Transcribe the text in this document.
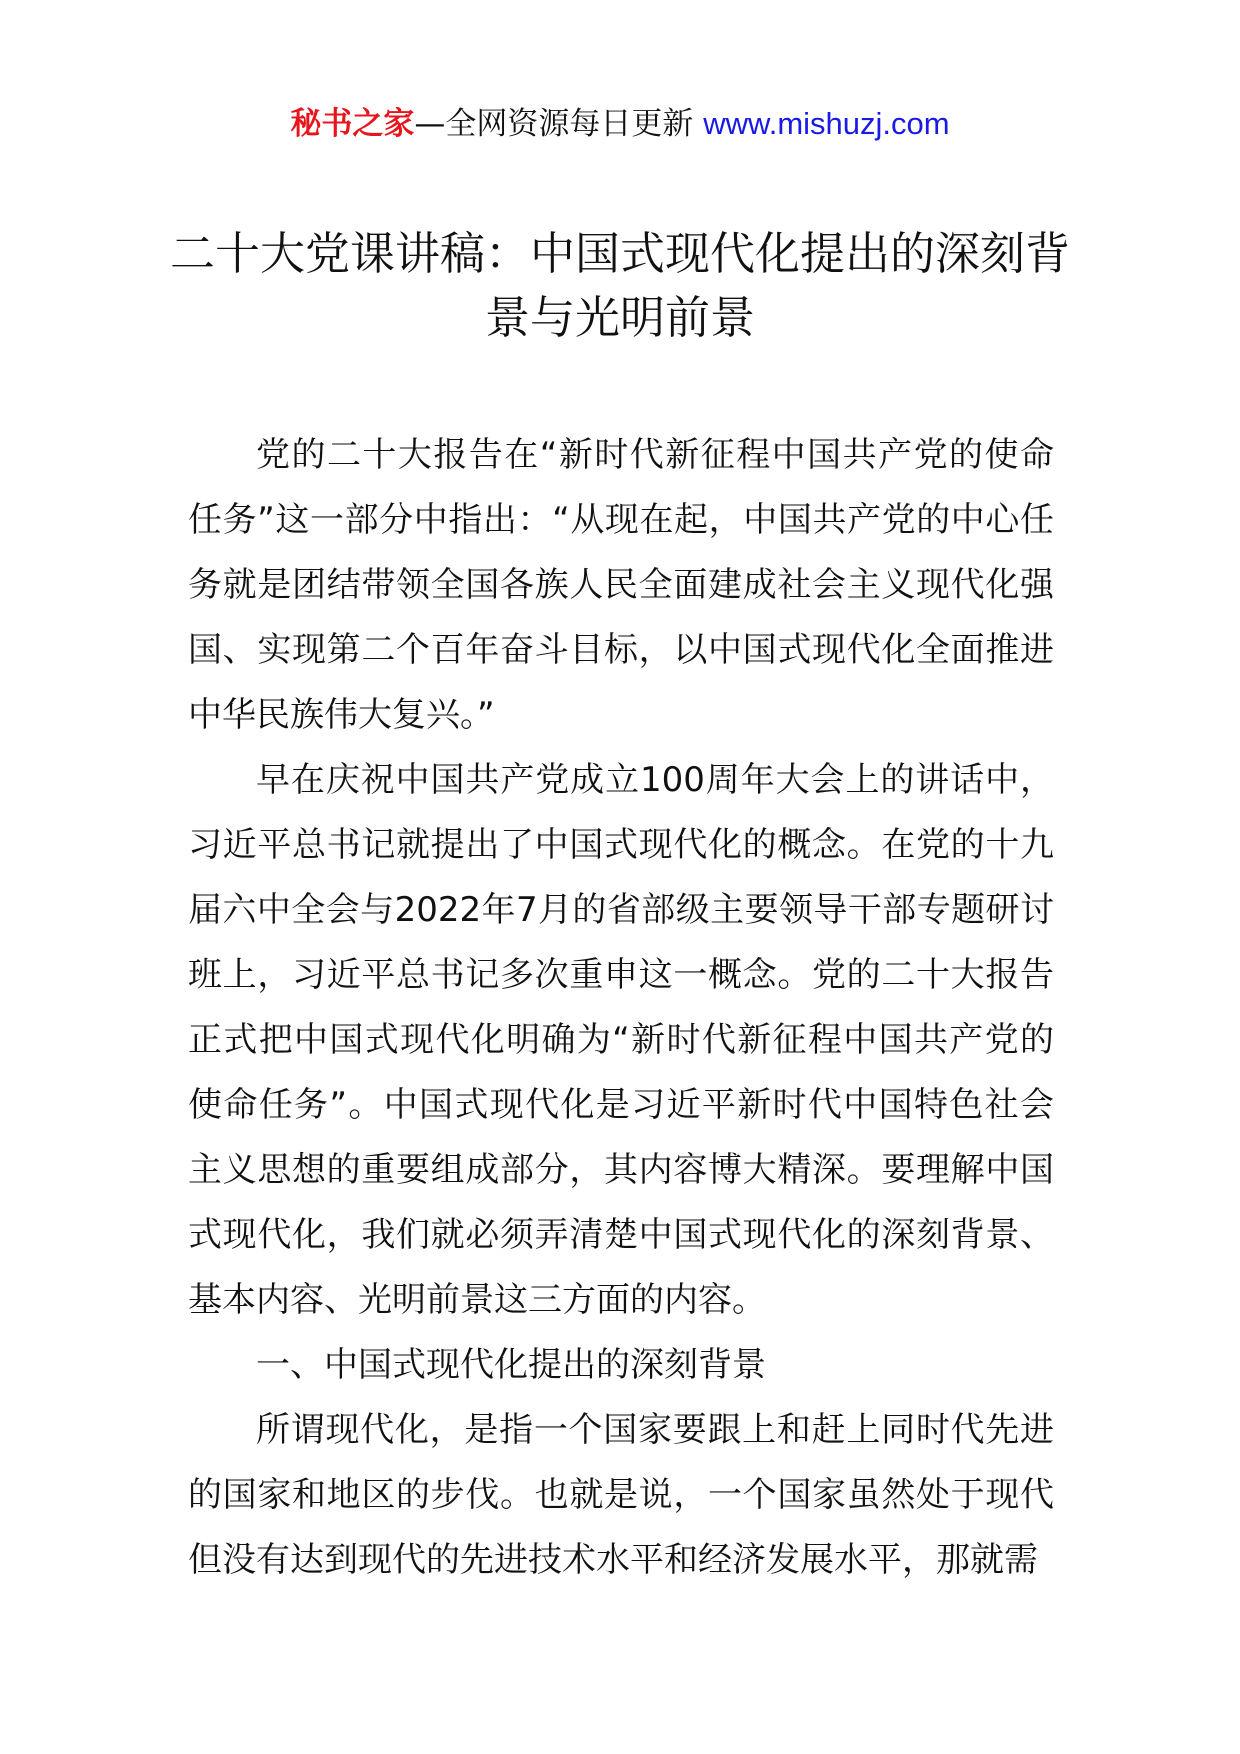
秘书之家—全网资源每日更新 www.mishuzj.com
二十大党课讲稿：中国式现代化提出的深刻背景与光明前景

党的二十大报告在“新时代新征程中国共产党的使命任务”这一部分中指出：“从现在起，中国共产党的中心任务就是团结带领全国各族人民全面建成社会主义现代化强国、实现第二个百年奋斗目标，以中国式现代化全面推进中华民族伟大复兴。”

早在庆祝中国共产党成立100周年大会上的讲话中，习近平总书记就提出了中国式现代化的概念。在党的十九届六中全会与2022年7月的省部级主要领导干部专题研讨班上，习近平总书记多次重申这一概念。党的二十大报告正式把中国式现代化明确为“新时代新征程中国共产党的使命任务”。中国式现代化是习近平新时代中国特色社会主义思想的重要组成部分，其内容博大精深。要理解中国式现代化，我们就必须弄清楚中国式现代化的深刻背景、基本内容、光明前景这三方面的内容。

一、中国式现代化提出的深刻背景

所谓现代化，是指一个国家要跟上和赶上同时代先进的国家和地区的步伐。也就是说，一个国家虽然处于现代但没有达到现代的先进技术水平和经济发展水平，那就需
